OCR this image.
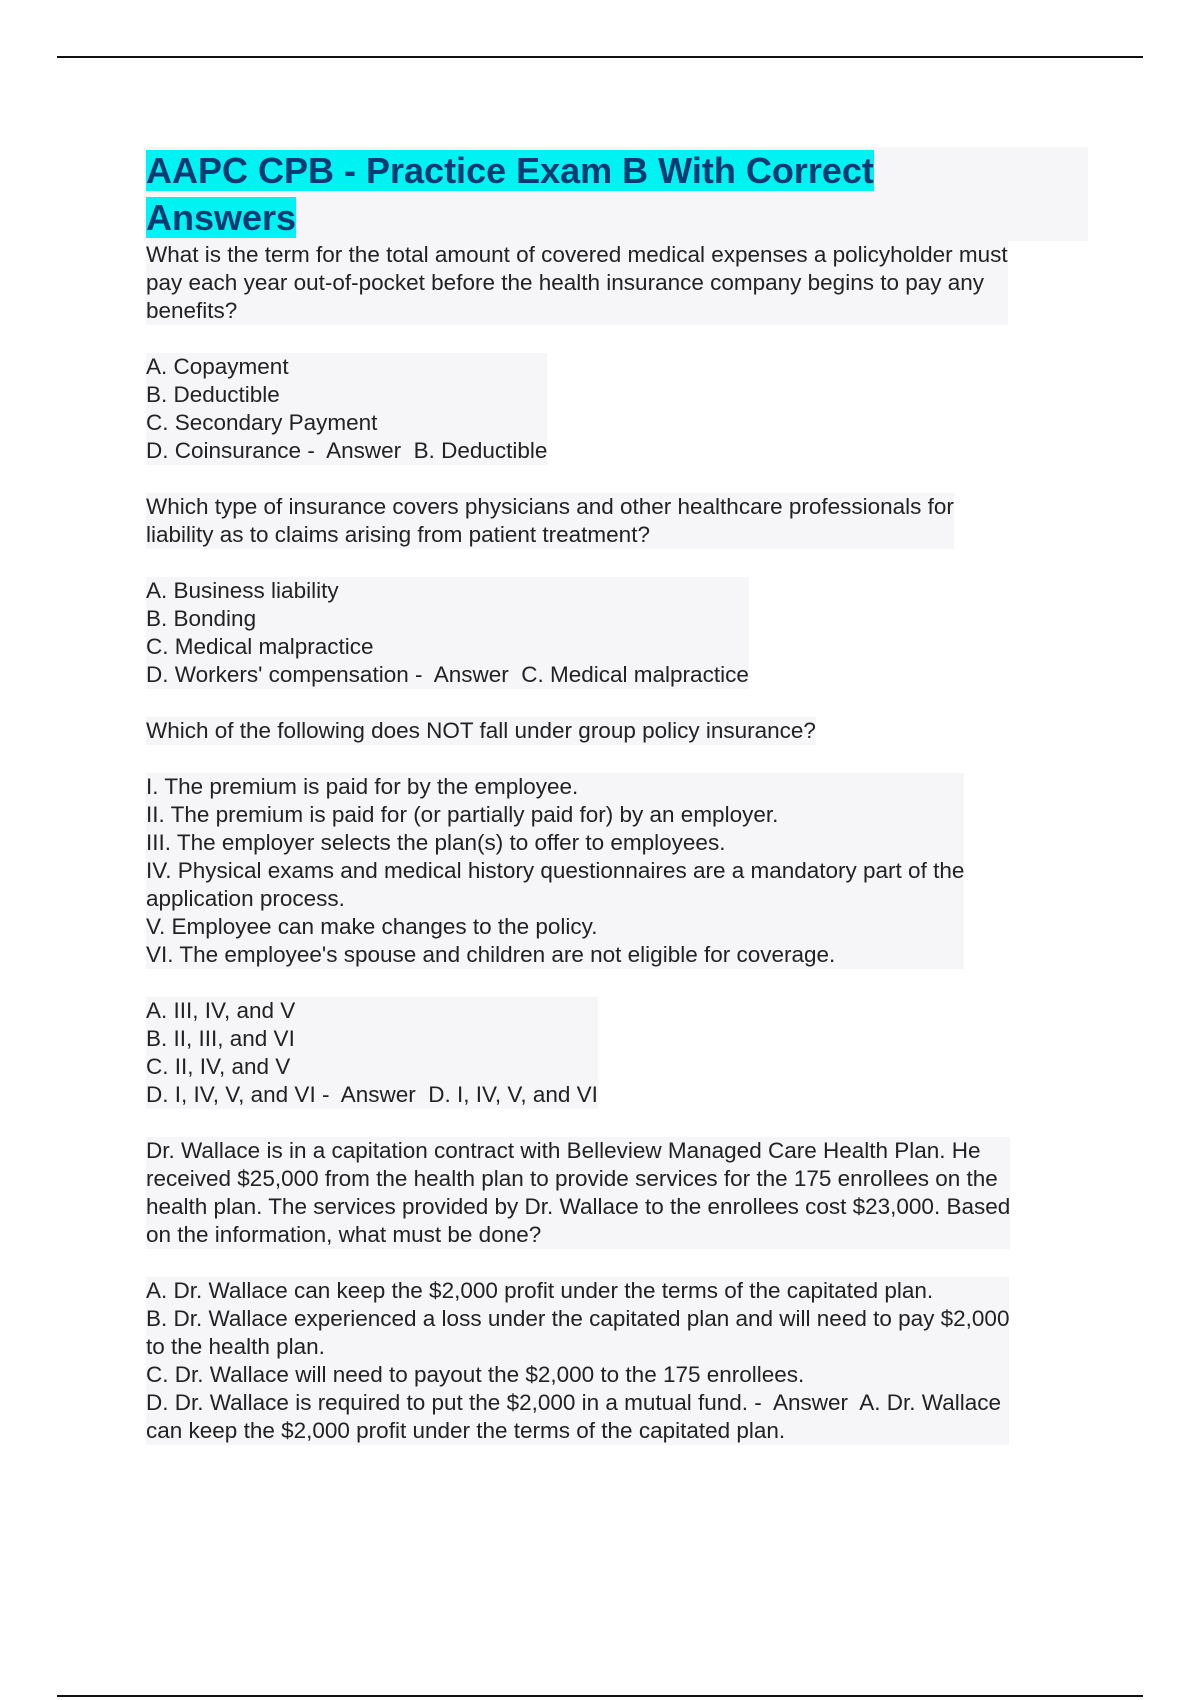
AAPC CPB - Practice Exam B With Correct
Answers
What is the term for the total amount of covered medical expenses a policyholder must
pay each year out-of-pocket before the health insurance company begins to pay any
benefits?
A. Copayment
B. Deductible
C. Secondary Payment
D. Coinsurance -  Answer  B. Deductible
Which type of insurance covers physicians and other healthcare professionals for
liability as to claims arising from patient treatment?
A. Business liability
B. Bonding
C. Medical malpractice
D. Workers' compensation -  Answer  C. Medical malpractice
Which of the following does NOT fall under group policy insurance?
I. The premium is paid for by the employee.
II. The premium is paid for (or partially paid for) by an employer.
III. The employer selects the plan(s) to offer to employees.
IV. Physical exams and medical history questionnaires are a mandatory part of the
application process.
V. Employee can make changes to the policy.
VI. The employee's spouse and children are not eligible for coverage.
A. III, IV, and V
B. II, III, and VI
C. II, IV, and V
D. I, IV, V, and VI -  Answer  D. I, IV, V, and VI
Dr. Wallace is in a capitation contract with Belleview Managed Care Health Plan. He
received $25,000 from the health plan to provide services for the 175 enrollees on the
health plan. The services provided by Dr. Wallace to the enrollees cost $23,000. Based
on the information, what must be done?
A. Dr. Wallace can keep the $2,000 profit under the terms of the capitated plan.
B. Dr. Wallace experienced a loss under the capitated plan and will need to pay $2,000
to the health plan.
C. Dr. Wallace will need to payout the $2,000 to the 175 enrollees.
D. Dr. Wallace is required to put the $2,000 in a mutual fund. -  Answer  A. Dr. Wallace
can keep the $2,000 profit under the terms of the capitated plan.
